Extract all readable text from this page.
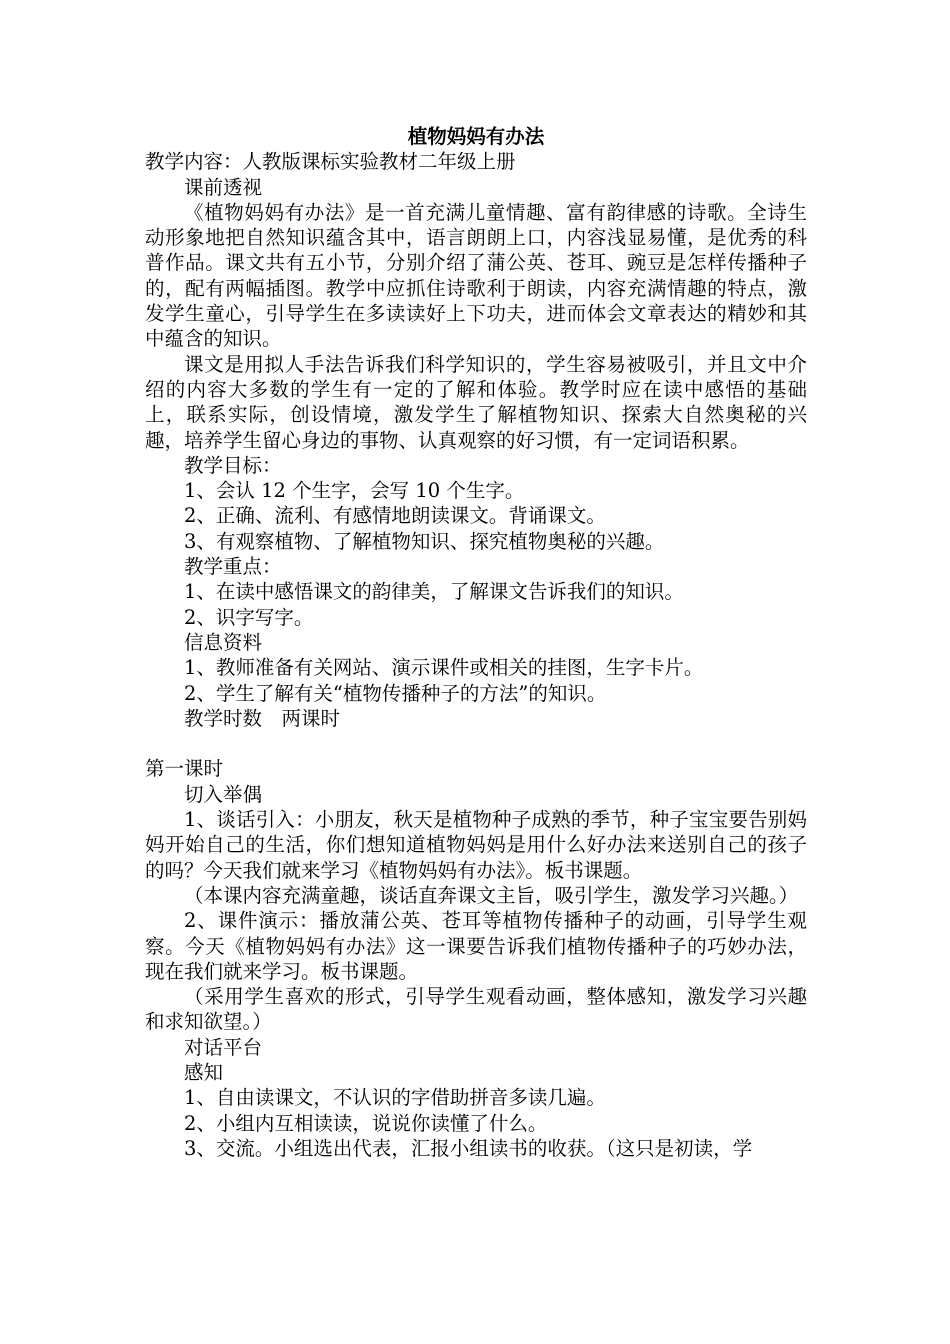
植物妈妈有办法

教学内容：人教版课标实验教材二年级上册

课前透视

《植物妈妈有办法》是一首充满儿童情趣、富有韵律感的诗歌。全诗生动形象地把自然知识蕴含其中，语言朗朗上口，内容浅显易懂，是优秀的科普作品。课文共有五小节，分别介绍了蒲公英、苍耳、豌豆是怎样传播种子的，配有两幅插图。教学中应抓住诗歌利于朗读，内容充满情趣的特点，激发学生童心，引导学生在多读读好上下功夫，进而体会文章表达的精妙和其中蕴含的知识。

课文是用拟人手法告诉我们科学知识的，学生容易被吸引，并且文中介绍的内容大多数的学生有一定的了解和体验。教学时应在读中感悟的基础上，联系实际，创设情境，激发学生了解植物知识、探索大自然奥秘的兴趣，培养学生留心身边的事物、认真观察的好习惯，有一定词语积累。

教学目标：

1、会认 12 个生字，会写 10 个生字。

2、正确、流利、有感情地朗读课文。背诵课文。

3、有观察植物、了解植物知识、探究植物奥秘的兴趣。

教学重点：

1、在读中感悟课文的韵律美，了解课文告诉我们的知识。

2、识字写字。

信息资料

1、教师准备有关网站、演示课件或相关的挂图，生字卡片。

2、学生了解有关“植物传播种子的方法”的知识。

教学时数　两课时

第一课时

切入举偶

1、谈话引入：小朋友，秋天是植物种子成熟的季节，种子宝宝要告别妈妈开始自己的生活，你们想知道植物妈妈是用什么好办法来送别自己的孩子的吗？今天我们就来学习《植物妈妈有办法》。板书课题。

（本课内容充满童趣，谈话直奔课文主旨，吸引学生，激发学习兴趣。）

2、课件演示：播放蒲公英、苍耳等植物传播种子的动画，引导学生观察。今天《植物妈妈有办法》这一课要告诉我们植物传播种子的巧妙办法，现在我们就来学习。板书课题。

（采用学生喜欢的形式，引导学生观看动画，整体感知，激发学习兴趣和求知欲望。）

对话平台

感知

1、自由读课文，不认识的字借助拼音多读几遍。

2、小组内互相读读，说说你读懂了什么。

3、交流。小组选出代表，汇报小组读书的收获。（这只是初读，学
